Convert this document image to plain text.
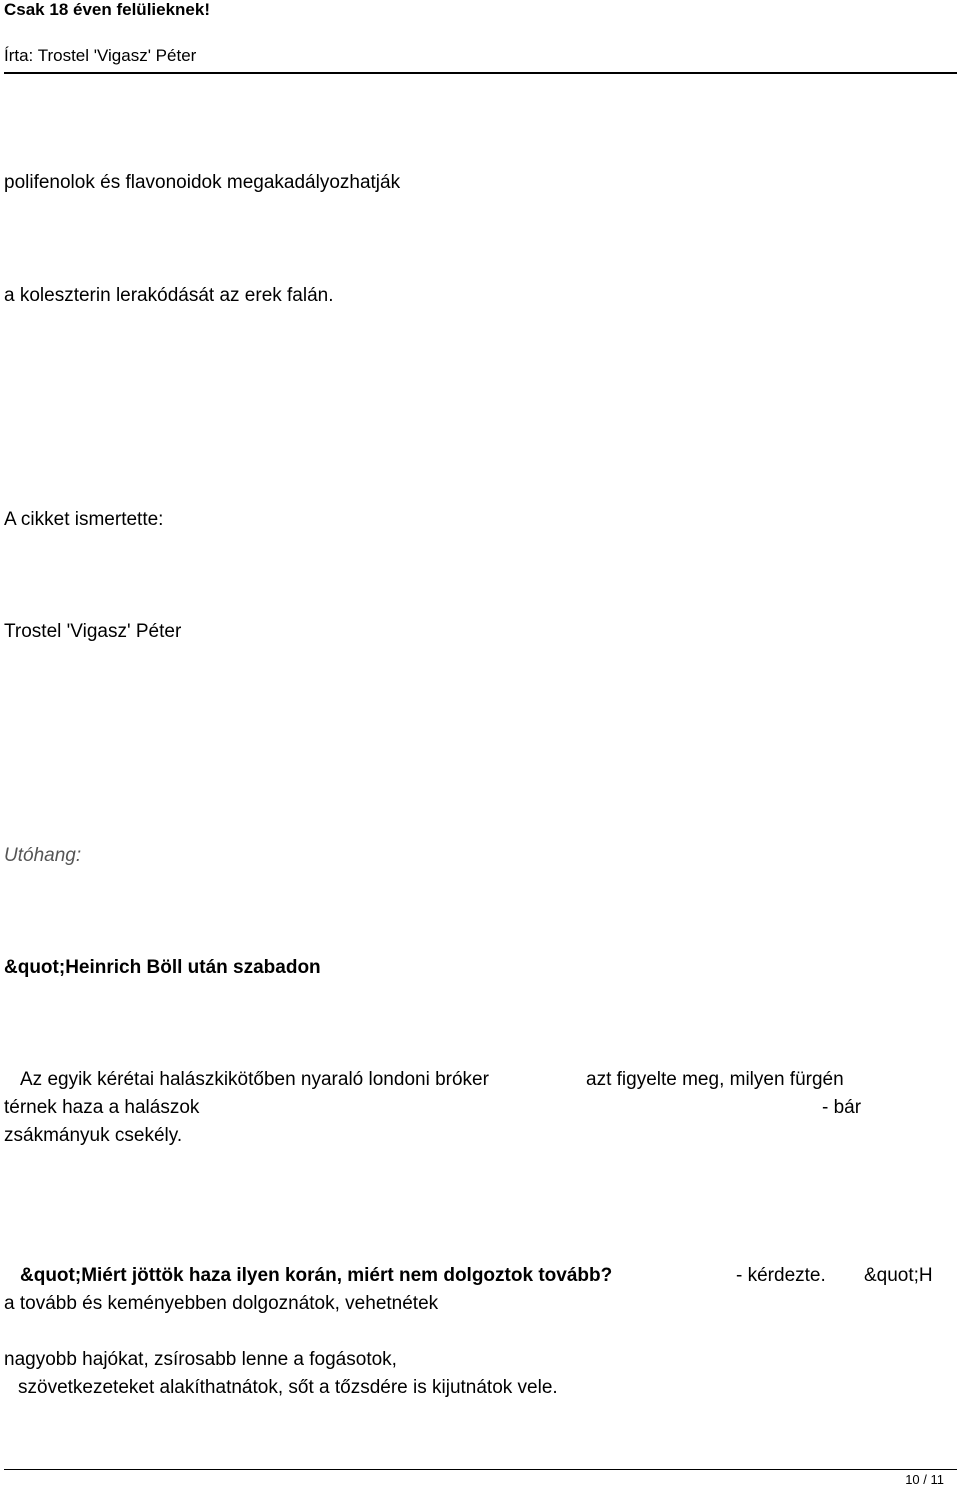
Csak 18 éven felülieknek!
Írta: Trostel 'Vigasz' Péter
polifenolok és flavonoidok megakadályozhatják
a koleszterin lerakódását az erek falán.
A cikket ismertette:
Trostel 'Vigasz' Péter
Utóhang:
&quot;Heinrich Böll után szabadon
Az egyik kérétai halászkikötőben nyaraló londoni bróker	azt figyelte meg, milyen fürgén
térnek haza a halászok	- bár
zsákmányuk csekély.
&quot;Miért jöttök haza ilyen korán, miért nem dolgoztok tovább?	- kérdezte. &quot;H
a tovább és keményebben dolgoznátok, vehetnétek
nagyobb hajókat, zsírosabb lenne a fogásotok,
szövetkezeteket alakíthatnátok, sőt a tőzsdére is kijutnátok vele.
10 / 11
